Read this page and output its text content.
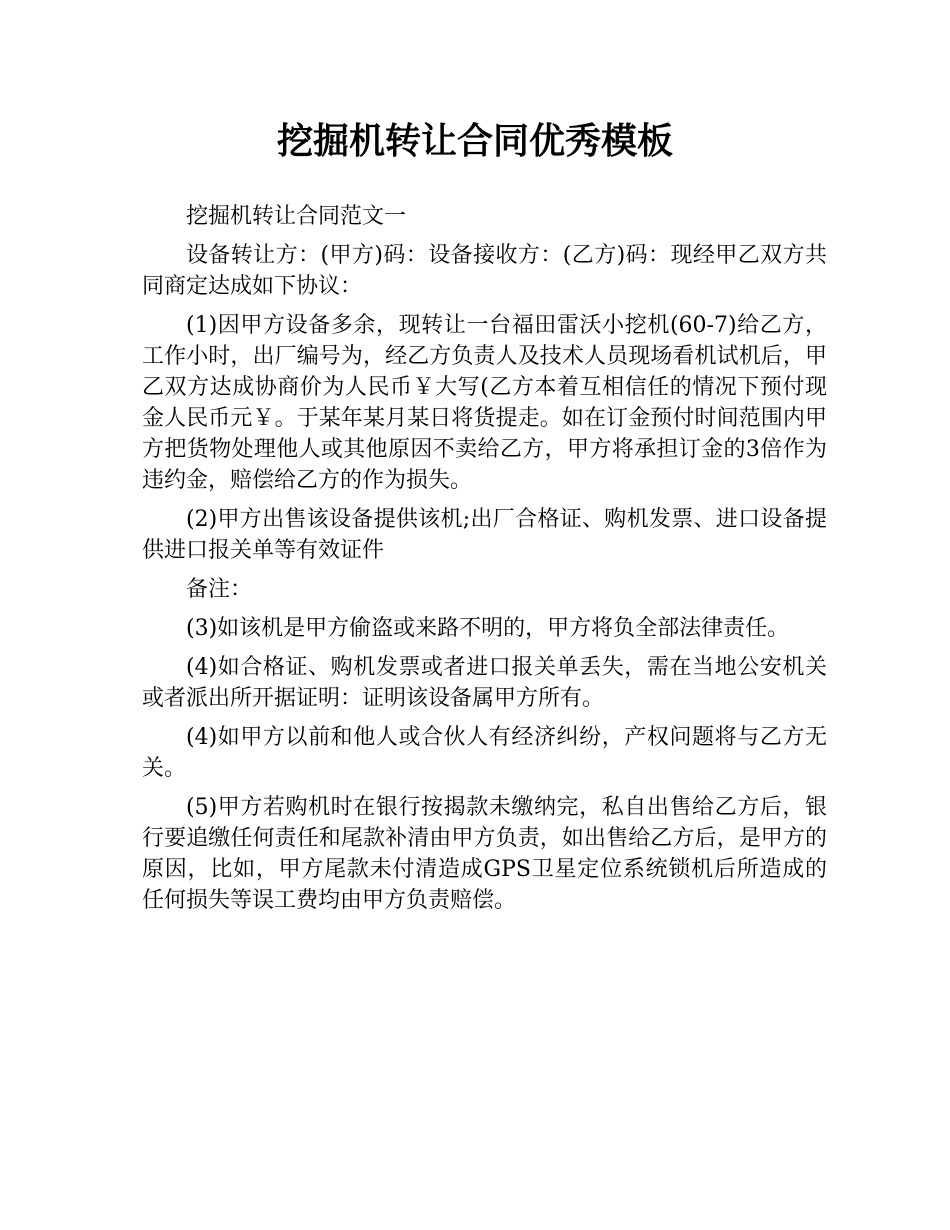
挖掘机转让合同优秀模板

挖掘机转让合同范文一

设备转让方：(甲方)码：设备接收方：(乙方)码：现经甲乙双方共同商定达成如下协议：

(1)因甲方设备多余，现转让一台福田雷沃小挖机(60-7)给乙方，工作小时，出厂编号为，经乙方负责人及技术人员现场看机试机后，甲乙双方达成协商价为人民币￥大写(乙方本着互相信任的情况下预付现金人民币元￥。于某年某月某日将货提走。如在订金预付时间范围内甲方把货物处理他人或其他原因不卖给乙方，甲方将承担订金的3倍作为违约金，赔偿给乙方的作为损失。

(2)甲方出售该设备提供该机;出厂合格证、购机发票、进口设备提供进口报关单等有效证件

备注：

(3)如该机是甲方偷盗或来路不明的，甲方将负全部法律责任。

(4)如合格证、购机发票或者进口报关单丢失，需在当地公安机关或者派出所开据证明：证明该设备属甲方所有。

(4)如甲方以前和他人或合伙人有经济纠纷，产权问题将与乙方无关。

(5)甲方若购机时在银行按揭款未缴纳完，私自出售给乙方后，银行要追缴任何责任和尾款补清由甲方负责，如出售给乙方后，是甲方的原因，比如，甲方尾款未付清造成GPS卫星定位系统锁机后所造成的任何损失等误工费均由甲方负责赔偿。
